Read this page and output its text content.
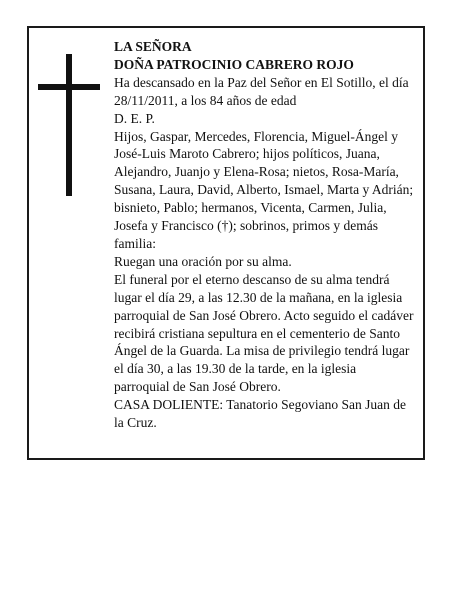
LA SEÑORA

DOÑA PATROCINIO CABRERO ROJO

Ha descansado en la Paz del Señor en El Sotillo, el día 28/11/2011, a los 84 años de edad

D. E. P.

Hijos, Gaspar, Mercedes, Florencia, Miguel-Ángel y José-Luis Maroto Cabrero; hijos políticos, Juana, Alejandro, Juanjo y Elena-Rosa; nietos, Rosa-María, Susana, Laura, David, Alberto, Ismael, Marta y Adrián; bisnieto, Pablo; hermanos, Vicenta, Carmen, Julia, Josefa y Francisco (†); sobrinos, primos y demás familia:

Ruegan una oración por su alma.

El funeral por el eterno descanso de su alma tendrá lugar el día 29, a las 12.30 de la mañana, en la iglesia parroquial de San José Obrero. Acto seguido el cadáver recibirá cristiana sepultura en el cementerio de Santo Ángel de la Guarda. La misa de privilegio tendrá lugar el día 30, a las 19.30 de la tarde, en la iglesia parroquial de San José Obrero.

CASA DOLIENTE: Tanatorio Segoviano San Juan de la Cruz.
